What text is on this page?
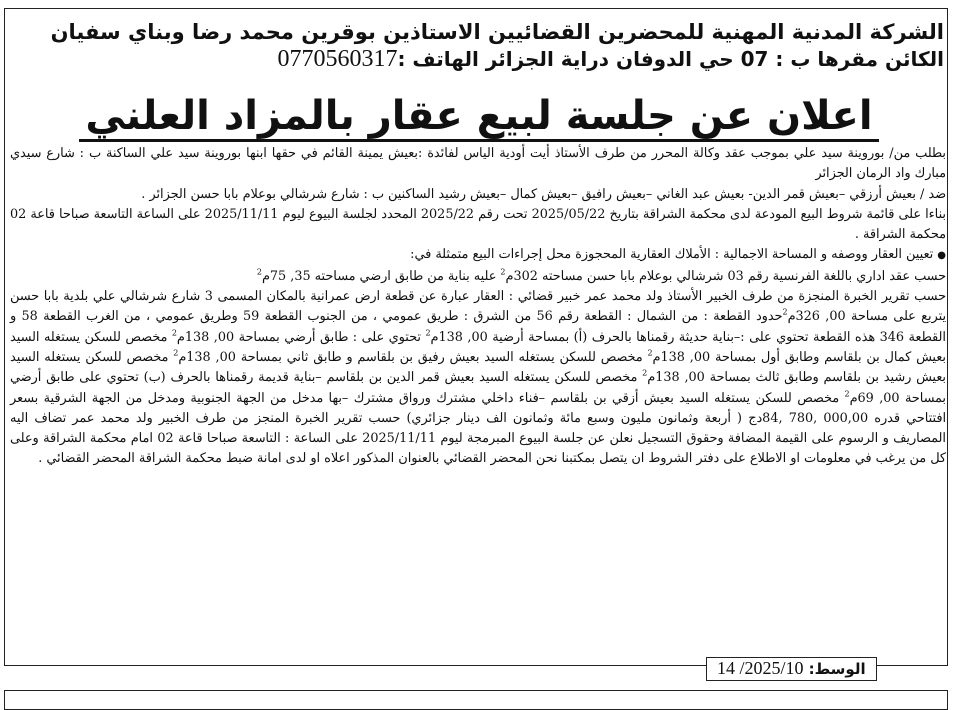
الشركة المدنية المهنية للمحضرين القضائيين الاستاذين بوقرين محمد رضا وبناي سفيان
الكائن مقرها ب : 07 حي الدوفان دراية الجزائر الهاتف :0770560317
اعلان عن جلسة لبيع عقار بالمزاد العلني

بطلب من/ بوروينة سيد علي بموجب عقد وكالة المحرر من طرف الأستاذ أيت أودية الياس لفائدة :بعيش يمينة القائم في حقها ابنها بوروينة سيد علي الساكنة ب : شارع سيدي مبارك واد الرمان الجزائر

ضد / بعيش أرزقي –بعيش قمر الدين- بعيش عبد الغاني –بعيش رافيق –بعيش كمال –بعيش رشيد الساكنين ب : شارع شرشالي بوعلام بابا حسن الجزائر .

بناءا على قائمة شروط البيع المودعة لدى محكمة الشراقة بتاريخ 2025/05/22 تحت رقم 2025/22 المحدد لجلسة البيوع ليوم 2025/11/11 على الساعة التاسعة صباحا قاعة 02 محكمة الشراقة .

● تعيين العقار ووصفه و المساحة الاجمالية : الأملاك العقارية المحجوزة محل إجراءات البيع متمثلة في:

حسب عقد اداري باللغة الفرنسية رقم 03 شرشالي بوعلام بابا حسن مساحته 302م$^2$ عليه بناية من طابق ارضي مساحته 35, 75م$^2$

حسب تقرير الخبرة المنجزة من طرف الخبير الأستاذ ولد محمد عمر خبير قضائي : العقار عبارة عن قطعة ارض عمرانية بالمكان المسمى 3 شارع شرشالي علي بلدية بابا حسن يتربع على مساحة 00, 326م$^2$حدود القطعة : من الشمال : القطعة رقم 56 من الشرق : طريق عمومي ، من الجنوب القطعة 59 وطريق عمومي ، من الغرب القطعة 58 و القطعة 346 هذه القطعة تحتوي على :–بناية حديثة رقمناها بالحرف (أ) بمساحة أرضية 00, 138م$^2$ تحتوي على : طابق أرضي بمساحة 00, 138م$^2$ مخصص للسكن يستغله السيد بعيش كمال بن بلقاسم وطابق أول بمساحة 00, 138م$^2$ مخصص للسكن يستغله السيد بعيش رفيق بن بلقاسم و طابق ثاني بمساحة 00, 138م$^2$ مخصص للسكن يستغله السيد بعيش رشيد بن بلقاسم وطابق ثالث بمساحة 00, 138م$^2$ مخصص للسكن يستغله السيد بعيش قمر الدين بن بلقاسم –بناية قديمة رقمناها بالحرف (ب) تحتوي على طابق أرضي بمساحة 00, 69م$^2$ مخصص للسكن يستغله السيد بعيش أزقي بن بلقاسم –فناء داخلي مشترك ورواق مشترك –بها مدخل من الجهة الجنوبية ومدخل من الجهة الشرقية بسعر افتتاحي قدره 000,00 ,780 ,84دج ( أربعة وثمانون مليون وسبع مائة وثمانون الف دينار جزائري) حسب تقرير الخبرة المنجز من طرف الخبير ولد محمد عمر تضاف اليه المصاريف و الرسوم على القيمة المضافة وحقوق التسجيل نعلن عن جلسة البيوع المبرمجة ليوم 2025/11/11 على الساعة : التاسعة صباحا قاعة 02 امام محكمة الشراقة وعلى كل من يرغب في معلومات او الاطلاع على دفتر الشروط ان يتصل بمكتبنا نحن المحضر القضائي بالعنوان المذكور اعلاه او لدى امانة ضبط محكمة الشراقة المحضر القضائي .

الوسط: 2025/10/ 14
